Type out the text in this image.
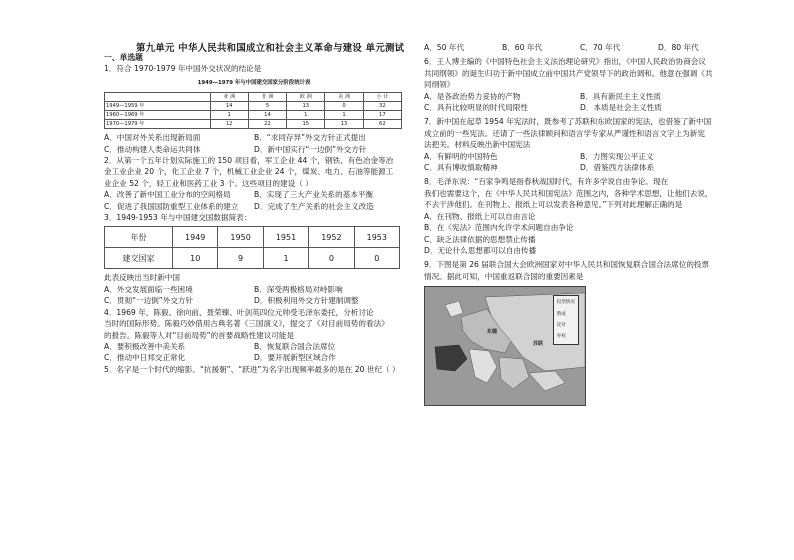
第九单元 中华人民共和国成立和社会主义革命与建设 单元测试
一、单选题
1．符合 1970-1979 年中国外交状况的结论是
1949—1979 年与中国建交国家分阶段统计表
	亚 洲	非 洲	欧 洲	美 洲	小 计
1949—1959 年	14	5	13	0	32
1960—1969 年	1	14	1	1	17
1970—1979 年	12	22	15	13	62
A．中国对外关系出现新局面	B．“求同存异”外交方针正式提出
C．推动构建人类命运共同体	D．新中国实行“一边倒”外交方针
2．从第一个五年计划实际施工的 150 项目看，军工企业 44 个，钢铁、有色冶金等冶
金工业企业 20 个，化工企业 7 个，机械工业企业 24 个，煤炭、电力、石油等能源工
业企业 52 个，轻工业和医药工业 3 个。这些项目的建设（ ）
A．改善了新中国工业分布的空间格局	B．实现了三大产业关系的基本平衡
C．促进了我国国防重型工业体系的建立	D．完成了生产关系的社会主义改造
3．1949-1953 年与中国建交国数据简表：
年份	1949	1950	1951	1952	1953
建交国家	10	9	1	0	0
此表反映出当时新中国
A．外交发展面临一些困境	B．深受两极格局对峙影响
C．贯彻“一边倒”外交方针	D．积极利用外交方针建制调整
4．1969 年，陈毅、徐向前、聂荣臻、叶剑英四位元帅受毛泽东委托，分析讨论
当时的国际形势。陈毅巧妙借用古典名著《三国演义》，提交了《对目前局势的看法》
的报告。陈毅等人对“目前局势”的首要战略性建议可能是
A．要积极改善中美关系	B．恢复联合国合法席位
C．推动中日邦交正常化	D．要开展新型区域合作
5．名字是一个时代的缩影。“抗援朝”、“跃进”为名字出现频率最多的是在 20 世纪（ ）
A．50 年代	B．60 年代	C．70 年代	D．80 年代
6．王人博主编的《中国特色社会主义法治理论研究》指出，《中国人民政治协商会议
共同纲领》的诞生归功于新中国成立前中国共产党领导下的政治调和。他意在强调《共
同纲领》
A．是各政治势力妥协的产物	B．具有新民主主义性质
C．具有比较明显的时代局限性	D．本质是社会主义性质
7．新中国在起草 1954 年宪法时，既参考了苏联和东欧国家的宪法，也借鉴了新中国
成立前的一些宪法。还请了一些法律顾问和语言学专家从严谨性和语言文字上为新宪
法把关。材料反映出新中国宪法
A．有鲜明的中国特色	B．力图实现公平正义
C．具有博收慎取精神	D．借鉴西方法律体系
8．毛泽东说：“百家争鸣是指春秋战国时代，有许多学说自由争论。现在
我们也需要这个，在《中华人民共和国宪法》范围之内，各种学术思想，让他们去说，
不去干涉他们。在刊物上、报纸上可以发表各种意见。”下列对此理解正确的是
A．在刊物、报纸上可以自由言论
B．在《宪法》范围内允许学术问题自由争论
C．缺乏法律依据的思想禁止传播
D．无论什么思想都可以自由传播
9．下图是第 26 届联合国大会欧洲国家对中华人民共和国恢复联合国合法席位的投票
情况。据此可知，中国重返联合国的重要因素是
投票情况
赞成
反对
弃权
苏联
东德
